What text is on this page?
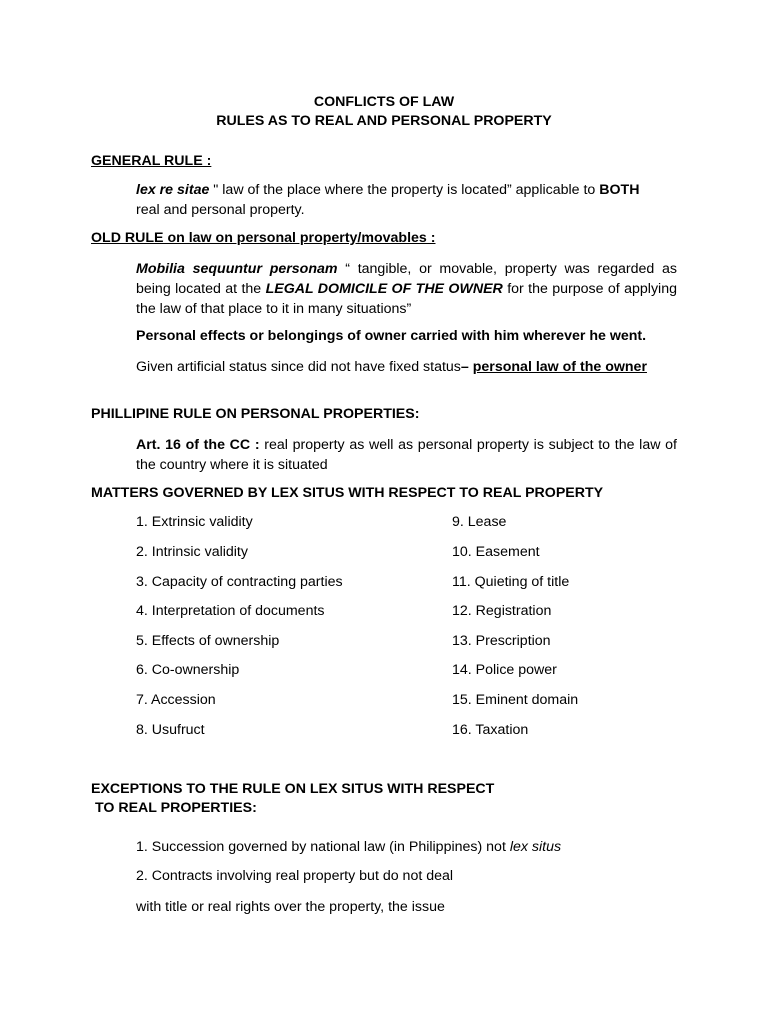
CONFLICTS OF LAW
RULES AS TO REAL AND PERSONAL PROPERTY
GENERAL RULE :
lex re sitae " law of the place where the property is located” applicable to BOTH
real and personal property.
OLD RULE on law on personal property/movables :
Mobilia sequuntur personam “ tangible, or movable, property was regarded as being located at the LEGAL DOMICILE OF THE OWNER for the purpose of applying the law of that place to it in many situations”
Personal effects or belongings of owner carried with him wherever he went.
Given artificial status since did not have fixed status– personal law of the owner
PHILLIPINE RULE ON PERSONAL PROPERTIES:
Art. 16 of the CC : real property as well as personal property is subject to the law of the country where it is situated
MATTERS GOVERNED BY LEX SITUS WITH RESPECT TO REAL PROPERTY
1. Extrinsic validity	9. Lease
2. Intrinsic validity	10. Easement
3. Capacity of contracting parties	11. Quieting of title
4. Interpretation of documents	12. Registration
5. Effects of ownership	13. Prescription
6. Co-ownership	14. Police power
7. Accession	15. Eminent domain
8. Usufruct	16. Taxation
EXCEPTIONS TO THE RULE ON LEX SITUS WITH RESPECT
TO REAL PROPERTIES:
1. Succession governed by national law (in Philippines) not lex situs
2. Contracts involving real property but do not deal
with title or real rights over the property, the issue
